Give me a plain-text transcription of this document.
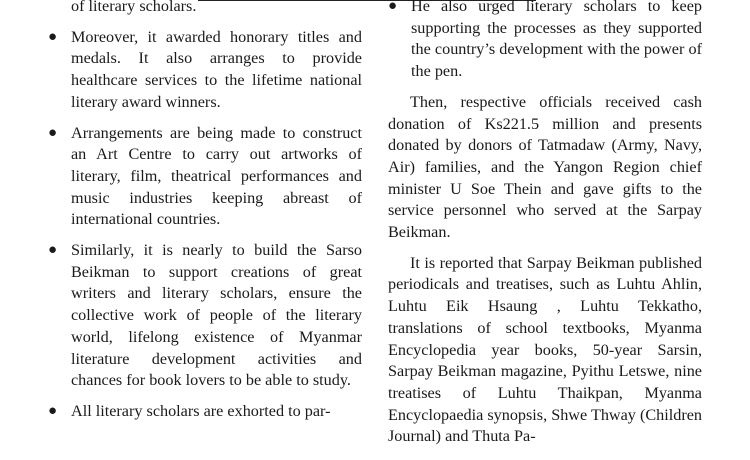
of literary scholars.
● Moreover, it awarded honorary titles and medals. It also arranges to provide healthcare services to the lifetime national literary award winners.
● Arrangements are being made to construct an Art Centre to carry out artworks of literary, film, theatrical performances and music industries keeping abreast of international countries.
● Similarly, it is nearly to build the Sarso Beikman to support creations of great writers and literary scholars, ensure the collective work of people of the literary world, lifelong existence of Myanmar literature development activities and chances for book lovers to be able to study.
● All literary scholars are exhorted to par-
● He also urged literary scholars to keep supporting the processes as they supported the country’s development with the power of the pen.
Then, respective officials received cash donation of Ks221.5 million and presents donated by donors of Tatmadaw (Army, Navy, Air) families, and the Yangon Region chief minister U Soe Thein and gave gifts to the service personnel who served at the Sarpay Beikman.
It is reported that Sarpay Beikman published periodicals and treatises, such as Luhtu Ahlin, Luhtu Eik Hsaung , Luhtu Tekkatho, translations of school textbooks, Myanma Encyclopedia year books, 50-year Sarsin, Sarpay Beikman magazine, Pyithu Letswe, nine treatises of Luhtu Thaikpan, Myanma Encyclopaedia synopsis, Shwe Thway (Children Journal) and Thuta Pa-
